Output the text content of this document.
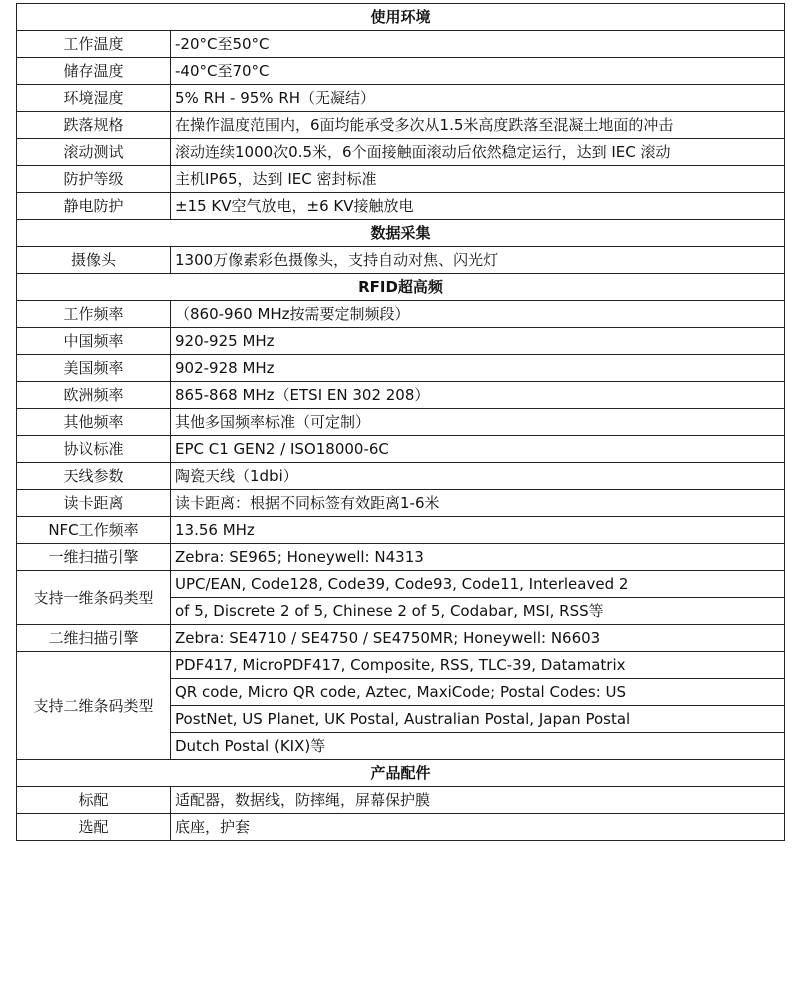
使用环境	
工作温度	-20°C至50°C
储存温度	-40°C至70°C
环境湿度	5% RH - 95% RH（无凝结）
跌落规格	在操作温度范围内，6面均能承受多次从1.5米高度跌落至混凝土地面的冲击
滚动测试	滚动连续1000次0.5米，6个面接触面滚动后依然稳定运行，达到 IEC 滚动
防护等级	主机IP65，达到 IEC 密封标准
静电防护	±15 KV空气放电，±6 KV接触放电
数据采集	
摄像头	1300万像素彩色摄像头，支持自动对焦、闪光灯
RFID超高频	
工作频率	（860-960 MHz按需要定制频段）
中国频率	920-925 MHz
美国频率	902-928 MHz
欧洲频率	865-868 MHz（ETSI EN 302 208）
其他频率	其他多国频率标准（可定制）
协议标准	EPC C1 GEN2 / ISO18000-6C
天线参数	陶瓷天线（1dbi）
读卡距离	读卡距离：根据不同标签有效距离1-6米
NFC工作频率	13.56 MHz
一维扫描引擎	Zebra: SE965; Honeywell: N4313
支持一维条码类型	UPC/EAN, Code128, Code39, Code93, Code11, Interleaved 2
	of 5, Discrete 2 of 5, Chinese 2 of 5, Codabar, MSI, RSS等
二维扫描引擎	Zebra: SE4710 / SE4750 / SE4750MR; Honeywell: N6603
支持二维条码类型	PDF417, MicroPDF417, Composite, RSS, TLC-39, Datamatrix
	QR code, Micro QR code, Aztec, MaxiCode; Postal Codes: US
	PostNet, US Planet, UK Postal, Australian Postal, Japan Postal
	Dutch Postal (KIX)等
产品配件	
标配	适配器，数据线，防摔绳，屏幕保护膜
选配	底座，护套
